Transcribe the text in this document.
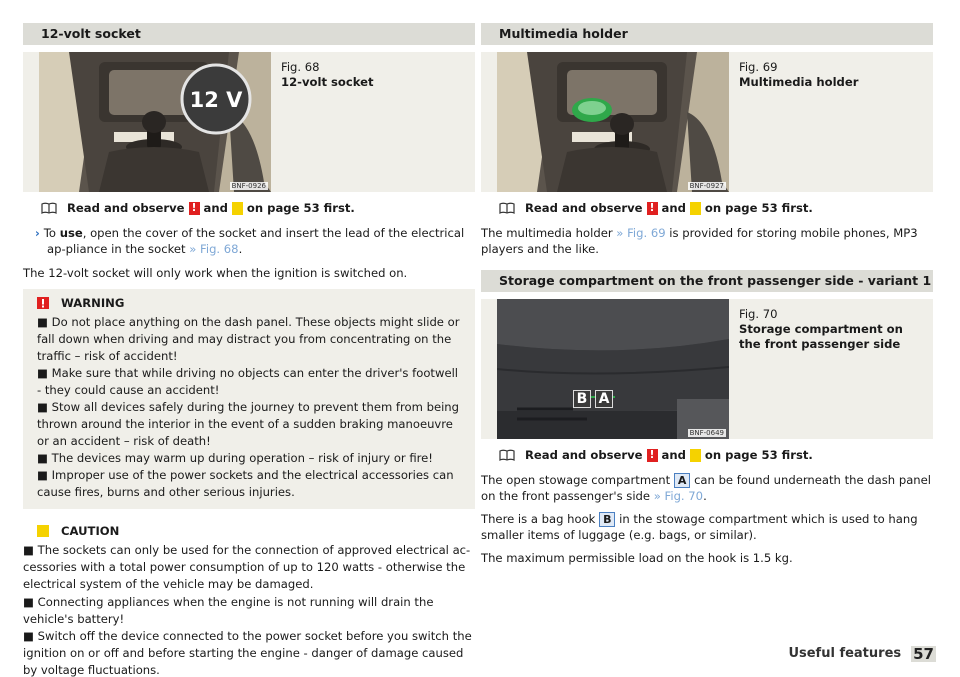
12-volt socket
12 V
BNF-0926
Fig. 68
12-volt socket
Read and observe ! and on page 53 first.
› To use, open the cover of the socket and insert the lead of the electrical ap-pliance in the socket » Fig. 68.
The 12-volt socket will only work when the ignition is switched on.
WARNING

■ Do not place anything on the dash panel. These objects might slide or fall down when driving and may distract you from concentrating on the traffic – risk of accident!

■ Make sure that while driving no objects can enter the driver's footwell - they could cause an accident!

■ Stow all devices safely during the journey to prevent them from being thrown around the interior in the event of a sudden braking manoeuvre or an accident – risk of death!

■ The devices may warm up during operation – risk of injury or fire!

■ Improper use of the power sockets and the electrical accessories can cause fires, burns and other serious injuries.

CAUTION

■ The sockets can only be used for the connection of approved electrical ac-cessories with a total power consumption of up to 120 watts - otherwise the electrical system of the vehicle may be damaged.

■ Connecting appliances when the engine is not running will drain the vehicle's battery!

■ Switch off the device connected to the power socket before you switch the ignition on or off and before starting the engine - danger of damage caused by voltage fluctuations.

Multimedia holder
BNF-0927
Fig. 69
Multimedia holder
Read and observe ! and on page 53 first.
The multimedia holder » Fig. 69 is provided for storing mobile phones, MP3 players and the like.
Storage compartment on the front passenger side - variant 1
B A
BNF-0649
Fig. 70
Storage compartment on the front passenger side
Read and observe ! and on page 53 first.
The open stowage compartment A can be found underneath the dash panel on the front passenger's side » Fig. 70.
There is a bag hook B in the stowage compartment which is used to hang smaller items of luggage (e.g. bags, or similar).
The maximum permissible load on the hook is 1.5 kg.
Useful features 57
